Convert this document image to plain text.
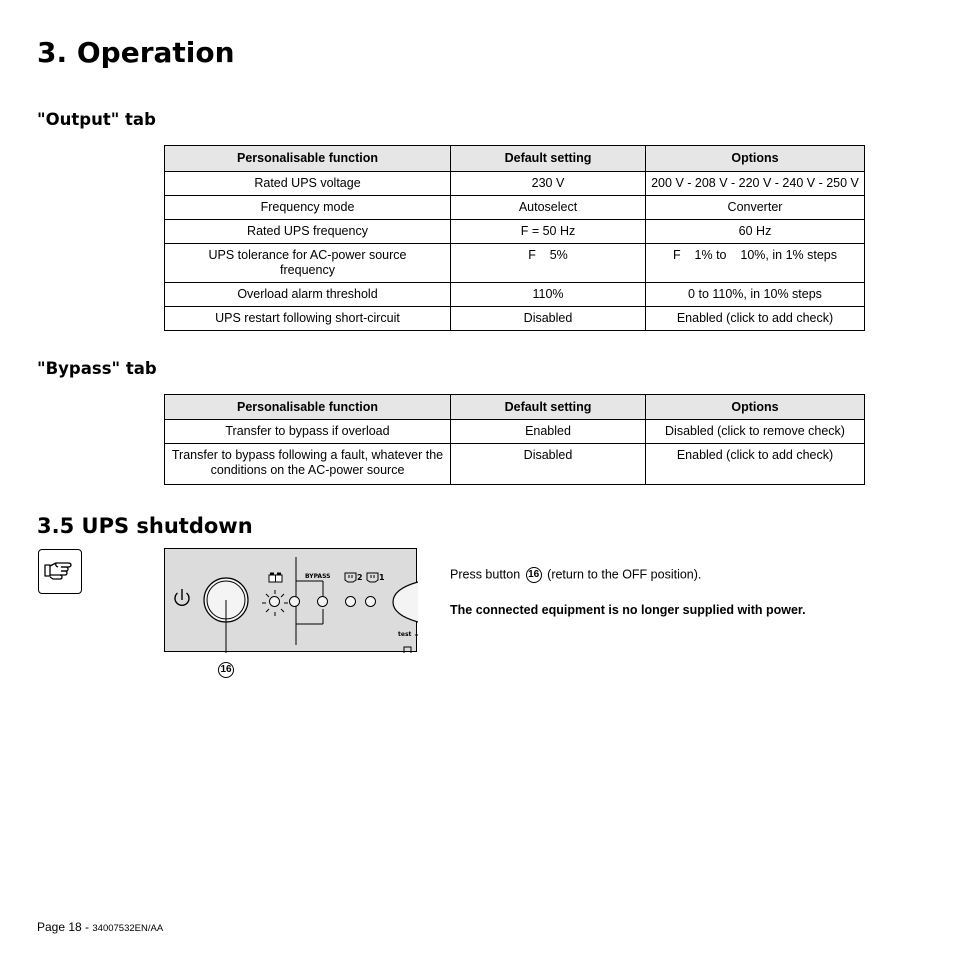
3. Operation
"Output" tab
Personalisable function	Default setting	Options
Rated UPS voltage	230 V	200 V - 208 V - 220 V - 240 V - 250 V
Frequency mode	Autoselect	Converter
Rated UPS frequency	F = 50 Hz	60 Hz
UPS tolerance for AC-power source frequency	F    5%	F    1% to    10%, in 1% steps
Overload alarm threshold	110%	0 to 110%, in 10% steps
UPS restart following short-circuit	Disabled	Enabled (click to add check)
"Bypass" tab
Personalisable function	Default setting	Options
Transfer to bypass if overload	Enabled	Disabled (click to remove check)
Transfer to bypass following a fault, whatever the conditions on the AC-power source	Disabled	Enabled (click to add check)
3.5 UPS shutdown
BYPASS	2 1
test
16
Press button 16 (return to the OFF position).
The connected equipment is no longer supplied with power.
Page 18 - 34007532EN/AA
